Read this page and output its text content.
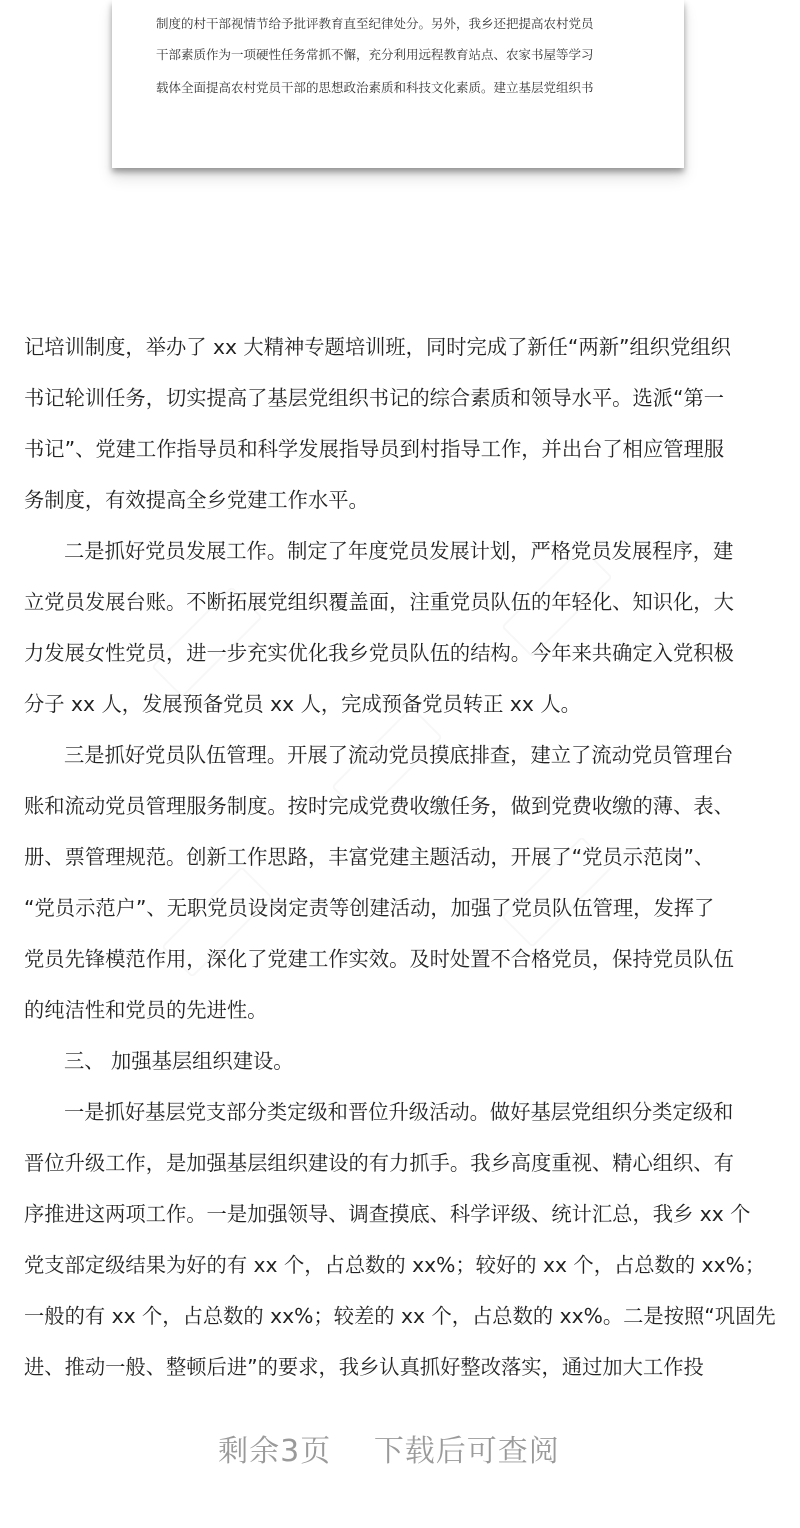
制度的村干部视情节给予批评教育直至纪律处分。另外，我乡还把提高农村党员
干部素质作为一项硬性任务常抓不懈，充分利用远程教育站点、农家书屋等学习
载体全面提高农村党员干部的思想政治素质和科技文化素质。建立基层党组织书
记培训制度，举办了 xx 大精神专题培训班，同时完成了新任“两新”组织党组织
书记轮训任务，切实提高了基层党组织书记的综合素质和领导水平。选派“第一
书记”、党建工作指导员和科学发展指导员到村指导工作，并出台了相应管理服
务制度，有效提高全乡党建工作水平。
二是抓好党员发展工作。制定了年度党员发展计划，严格党员发展程序，建
立党员发展台账。不断拓展党组织覆盖面，注重党员队伍的年轻化、知识化，大
力发展女性党员，进一步充实优化我乡党员队伍的结构。今年来共确定入党积极
分子 xx 人，发展预备党员 xx 人，完成预备党员转正 xx 人。
三是抓好党员队伍管理。开展了流动党员摸底排查，建立了流动党员管理台
账和流动党员管理服务制度。按时完成党费收缴任务，做到党费收缴的薄、表、
册、票管理规范。创新工作思路，丰富党建主题活动，开展了“党员示范岗”、
“党员示范户”、无职党员设岗定责等创建活动，加强了党员队伍管理，发挥了
党员先锋模范作用，深化了党建工作实效。及时处置不合格党员，保持党员队伍
的纯洁性和党员的先进性。
三、 加强基层组织建设。
一是抓好基层党支部分类定级和晋位升级活动。做好基层党组织分类定级和
晋位升级工作，是加强基层组织建设的有力抓手。我乡高度重视、精心组织、有
序推进这两项工作。一是加强领导、调查摸底、科学评级、统计汇总，我乡 xx 个
党支部定级结果为好的有 xx 个，占总数的 xx%；较好的 xx 个，占总数的 xx%；
一般的有 xx 个，占总数的 xx%；较差的 xx 个，占总数的 xx%。二是按照“巩固先
进、推动一般、整顿后进”的要求，我乡认真抓好整改落实，通过加大工作投
剩余3页 下载后可查阅
